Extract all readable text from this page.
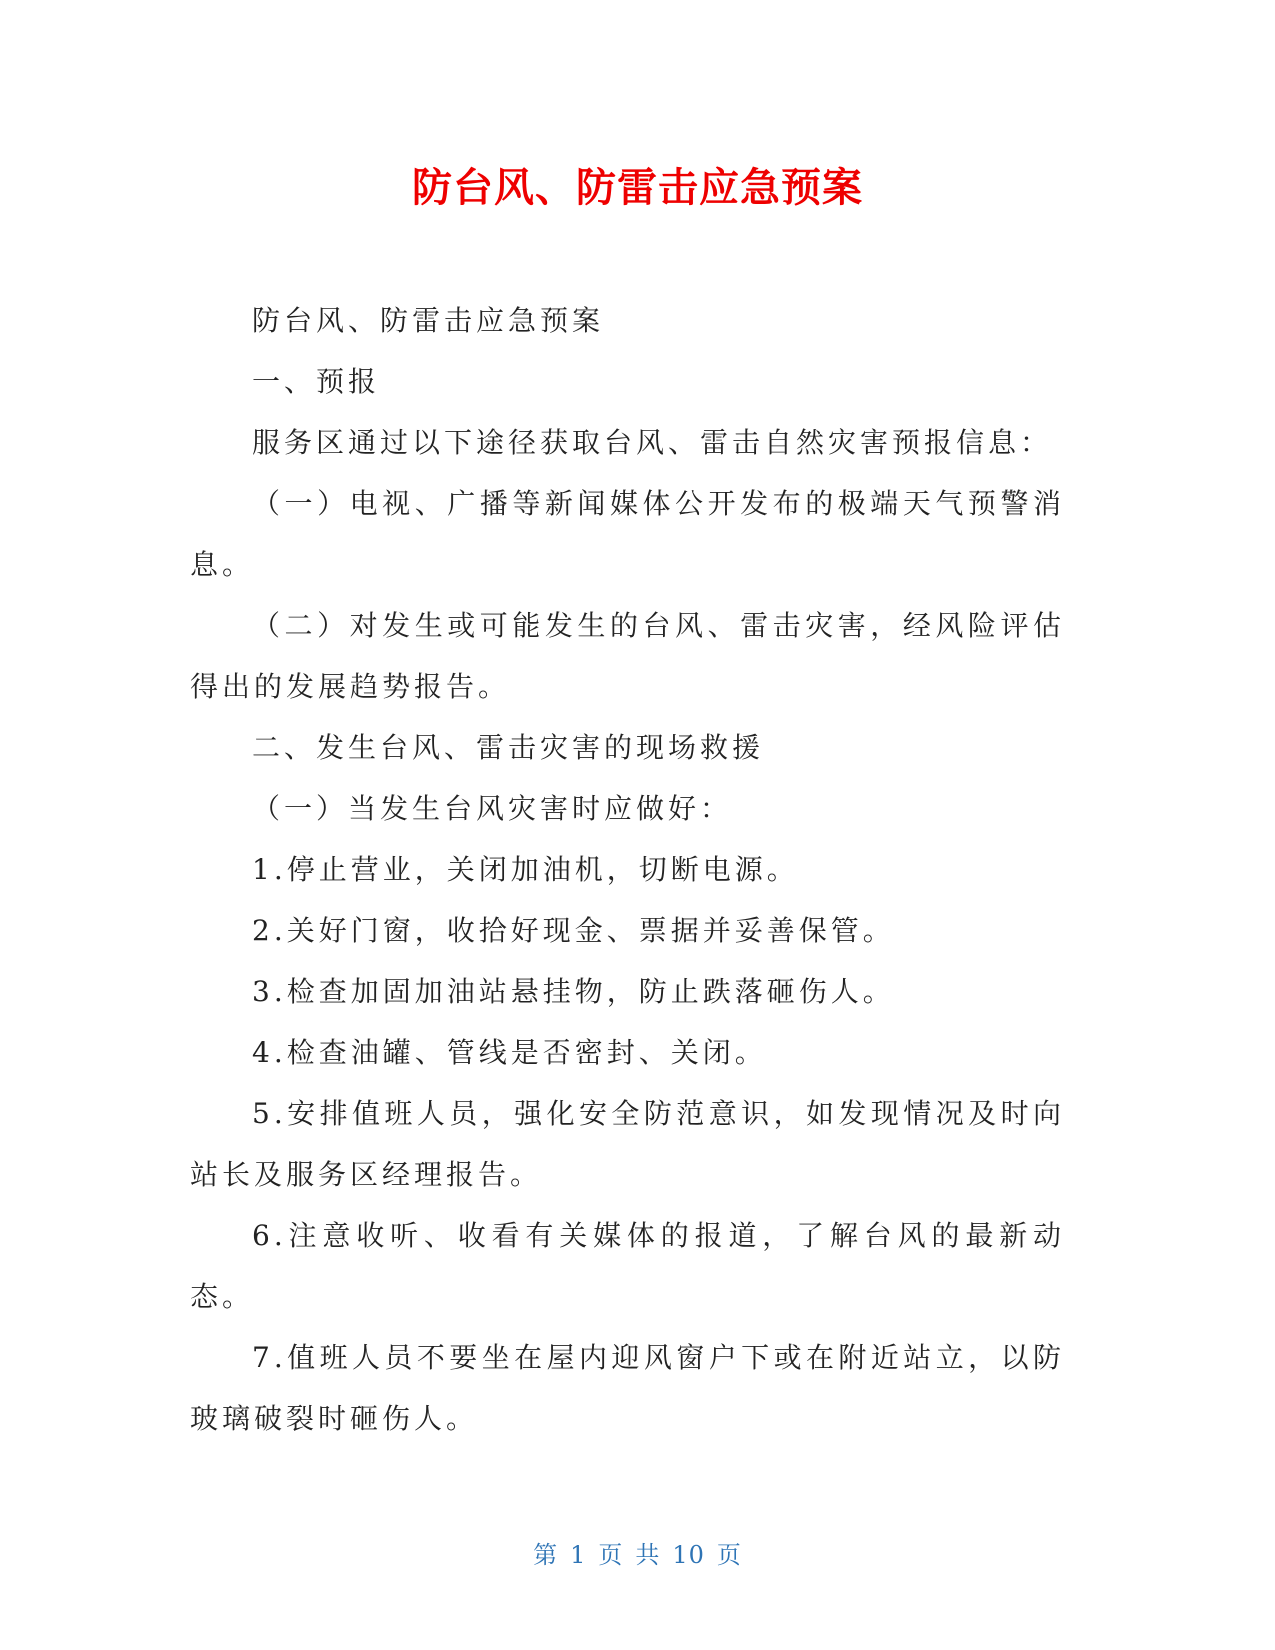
防台风、防雷击应急预案

防台风、防雷击应急预案

一、预报

服务区通过以下途径获取台风、雷击自然灾害预报信息：

（一）电视、广播等新闻媒体公开发布的极端天气预警消息。

（二）对发生或可能发生的台风、雷击灾害，经风险评估得出的发展趋势报告。

二、发生台风、雷击灾害的现场救援

（一）当发生台风灾害时应做好：

1.停止营业，关闭加油机，切断电源。

2.关好门窗，收拾好现金、票据并妥善保管。

3.检查加固加油站悬挂物，防止跌落砸伤人。

4.检查油罐、管线是否密封、关闭。

5.安排值班人员，强化安全防范意识，如发现情况及时向站长及服务区经理报告。

6.注意收听、收看有关媒体的报道，了解台风的最新动态。

7.值班人员不要坐在屋内迎风窗户下或在附近站立，以防玻璃破裂时砸伤人。

第 1 页 共 10 页
